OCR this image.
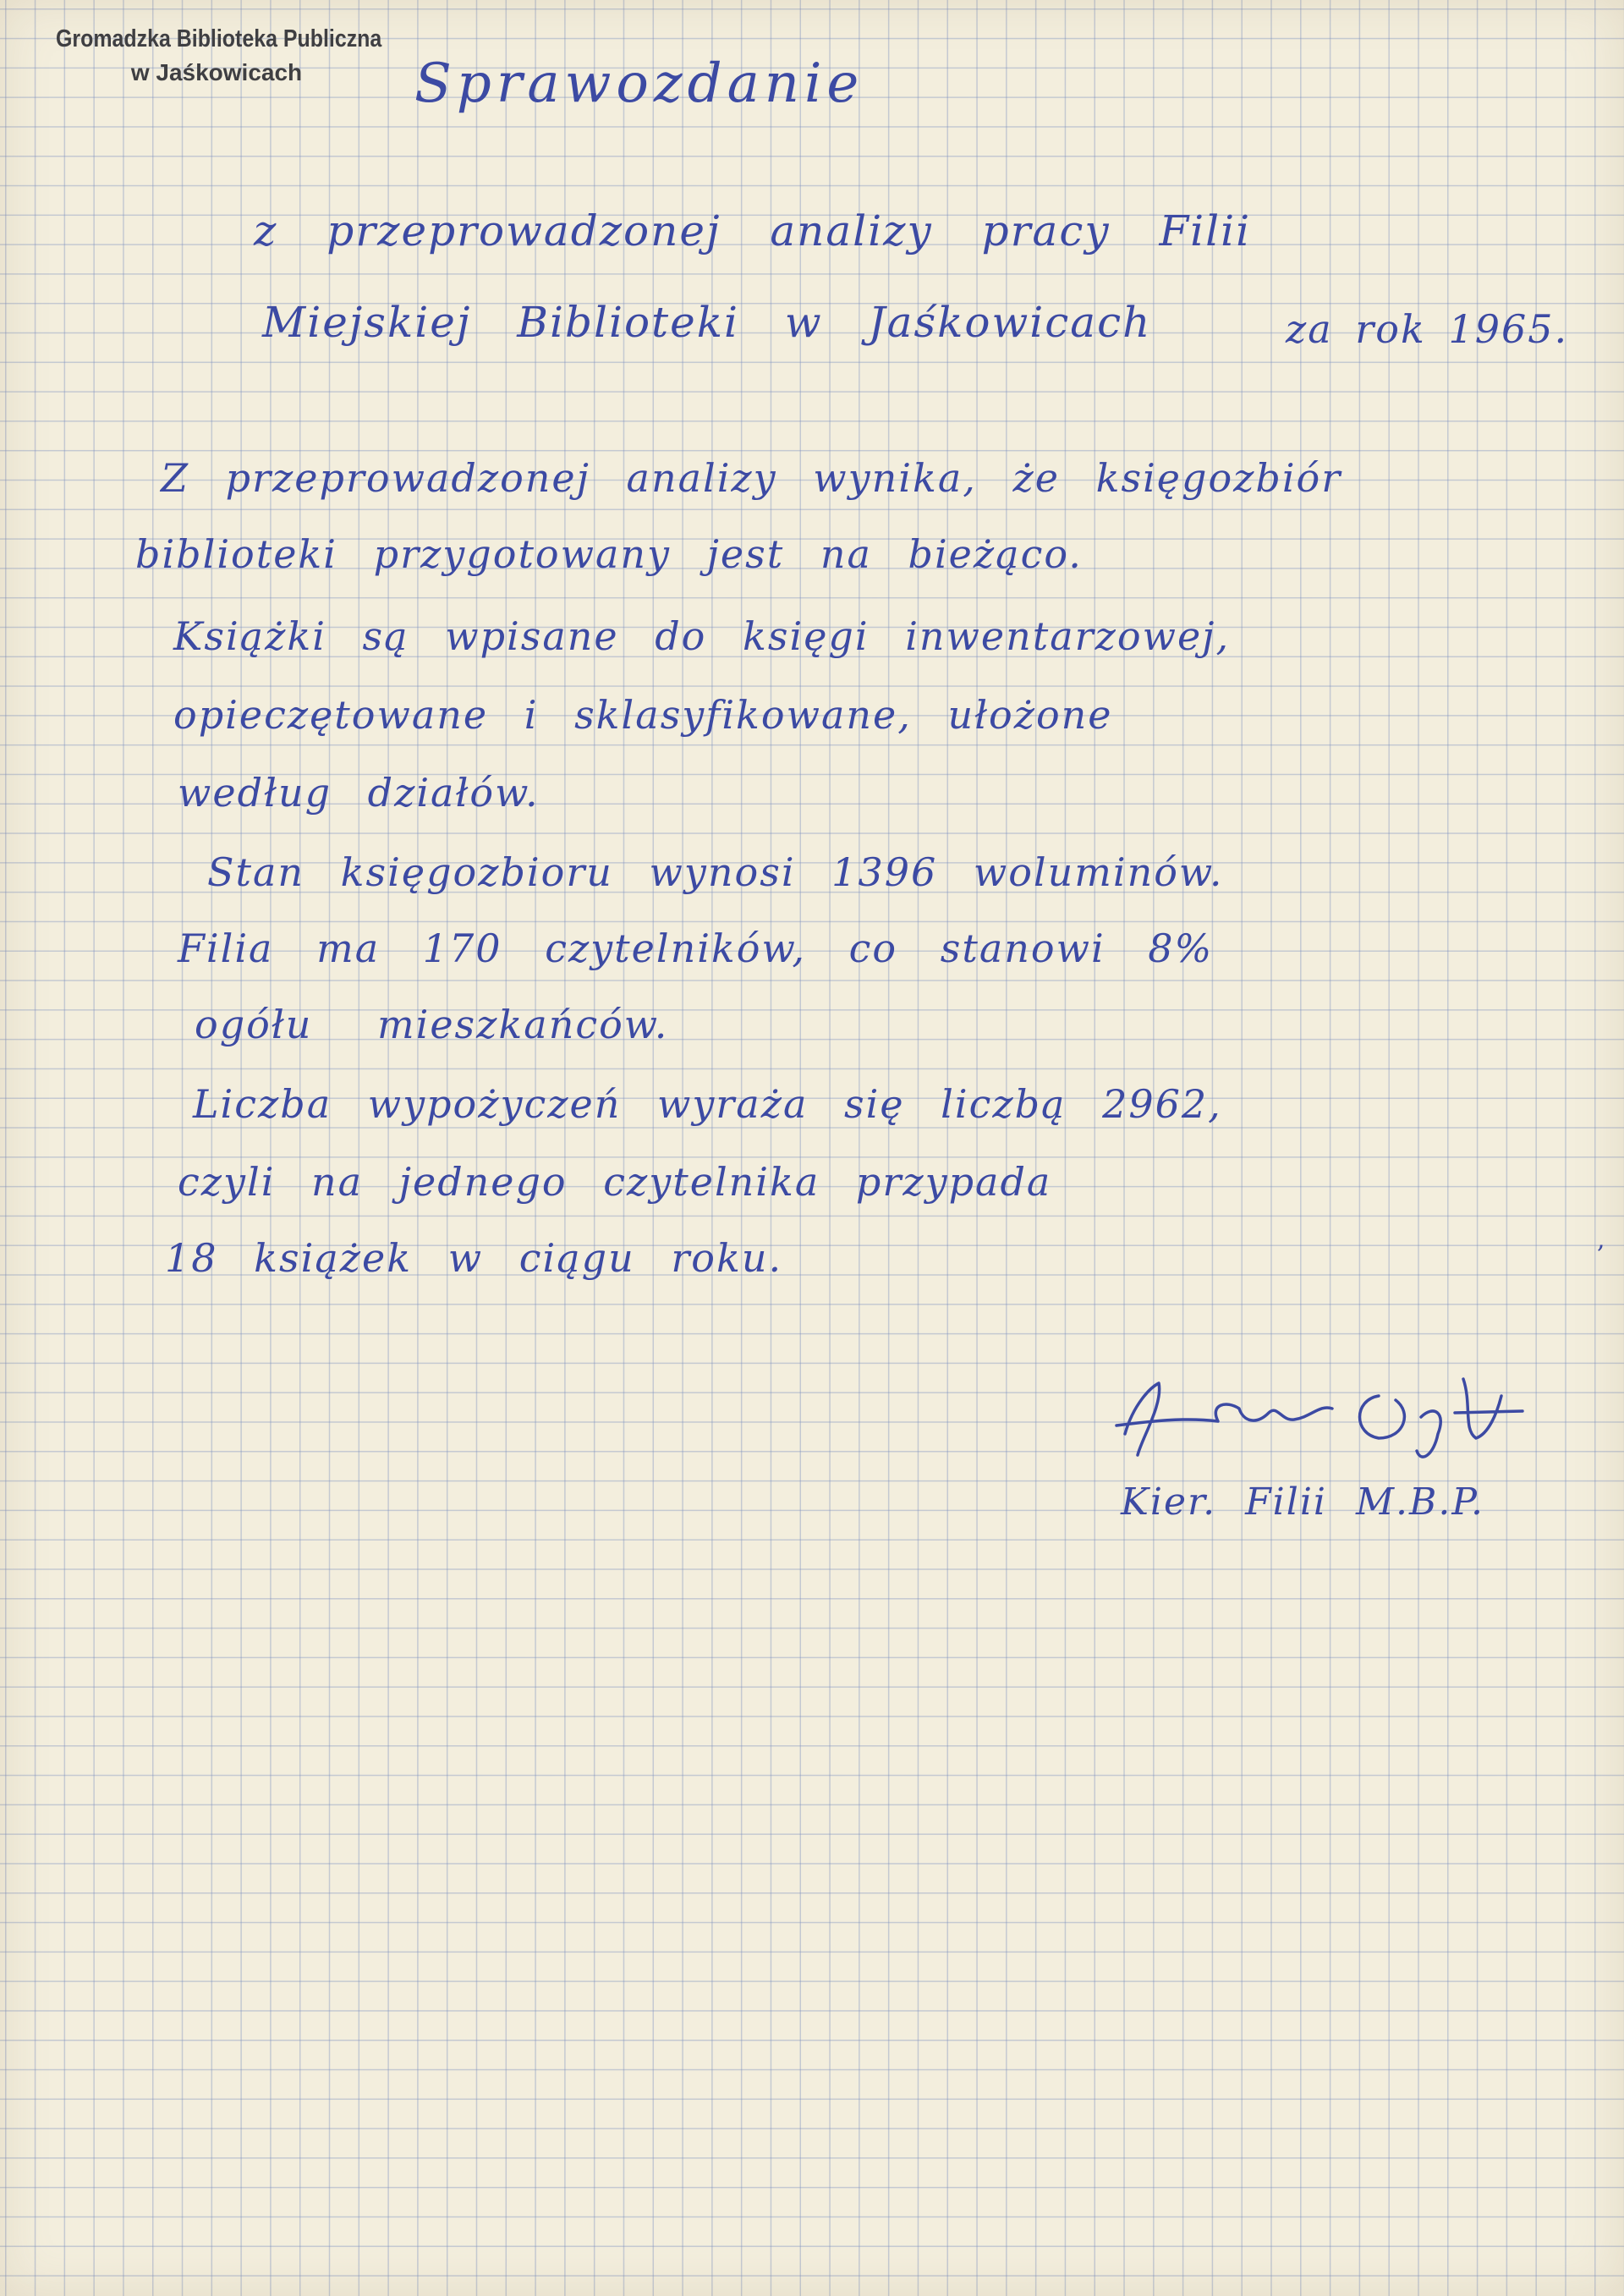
Gromadzka Biblioteka Publiczna
w Jaśkowicach	Sprawozdanie
z przeprowadzonej analizy pracy Filii
Miejskiej Biblioteki w Jaśkowicach	za rok 1965.
Z przeprowadzonej analizy wynika, że księgozbiór
biblioteki przygotowany jest na bieżąco.
Książki są wpisane do księgi inwentarzowej,
opieczętowane i sklasyfikowane, ułożone
według działów.
Stan księgozbioru wynosi 1396 woluminów.
Filia ma 170 czytelników, co stanowi 8%
ogółu mieszkańców.
Liczba wypożyczeń wyraża się liczbą 2962,
czyli na jednego czytelnika przypada
18 książek w ciągu roku.	,
Kier. Filii M.B.P.
